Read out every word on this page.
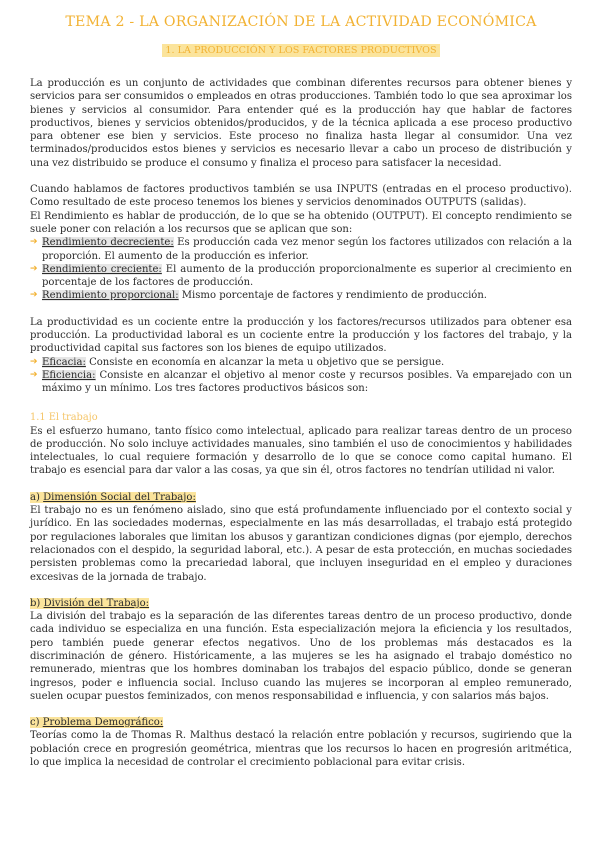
TEMA 2 - LA ORGANIZACIÓN DE LA ACTIVIDAD ECONÓMICA
1. LA PRODUCCIÓN Y LOS FACTORES PRODUCTIVOS

La producción es un conjunto de actividades que combinan diferentes recursos para obtener bienes y servicios para ser consumidos o empleados en otras producciones. También todo lo que sea aproximar los bienes y servicios al consumidor. Para entender qué es la producción hay que hablar de factores productivos, bienes y servicios obtenidos/producidos, y de la técnica aplicada a ese proceso productivo para obtener ese bien y servicios. Este proceso no finaliza hasta llegar al consumidor. Una vez terminados/producidos estos bienes y servicios es necesario llevar a cabo un proceso de distribución y una vez distribuido se produce el consumo y finaliza el proceso para satisfacer la necesidad.

Cuando hablamos de factores productivos también se usa INPUTS (entradas en el proceso productivo). Como resultado de este proceso tenemos los bienes y servicios denominados OUTPUTS (salidas).

El Rendimiento es hablar de producción, de lo que se ha obtenido (OUTPUT). El concepto rendimiento se suele poner con relación a los recursos que se aplican que son:

➔ Rendimiento decreciente: Es producción cada vez menor según los factores utilizados con relación a la proporción. El aumento de la producción es inferior.
➔ Rendimiento creciente: El aumento de la producción proporcionalmente es superior al crecimiento en porcentaje de los factores de producción.
➔ Rendimiento proporcional: Mismo porcentaje de factores y rendimiento de producción.

La productividad es un cociente entre la producción y los factores/recursos utilizados para obtener esa producción. La productividad laboral es un cociente entre la producción y los factores del trabajo, y la productividad capital sus factores son los bienes de equipo utilizados.

➔ Eficacia: Consiste en economía en alcanzar la meta u objetivo que se persigue.
➔ Eficiencia: Consiste en alcanzar el objetivo al menor coste y recursos posibles. Va emparejado con un máximo y un mínimo. Los tres factores productivos básicos son:
1.1 El trabajo

Es el esfuerzo humano, tanto físico como intelectual, aplicado para realizar tareas dentro de un proceso de producción. No solo incluye actividades manuales, sino también el uso de conocimientos y habilidades intelectuales, lo cual requiere formación y desarrollo de lo que se conoce como capital humano. El trabajo es esencial para dar valor a las cosas, ya que sin él, otros factores no tendrían utilidad ni valor.

a) Dimensión Social del Trabajo:

El trabajo no es un fenómeno aislado, sino que está profundamente influenciado por el contexto social y jurídico. En las sociedades modernas, especialmente en las más desarrolladas, el trabajo está protegido por regulaciones laborales que limitan los abusos y garantizan condiciones dignas (por ejemplo, derechos relacionados con el despido, la seguridad laboral, etc.). A pesar de esta protección, en muchas sociedades persisten problemas como la precariedad laboral, que incluyen inseguridad en el empleo y duraciones excesivas de la jornada de trabajo.

b) División del Trabajo:

La división del trabajo es la separación de las diferentes tareas dentro de un proceso productivo, donde cada individuo se especializa en una función. Esta especialización mejora la eficiencia y los resultados, pero también puede generar efectos negativos. Uno de los problemas más destacados es la discriminación de género. Históricamente, a las mujeres se les ha asignado el trabajo doméstico no remunerado, mientras que los hombres dominaban los trabajos del espacio público, donde se generan ingresos, poder e influencia social. Incluso cuando las mujeres se incorporan al empleo remunerado, suelen ocupar puestos feminizados, con menos responsabilidad e influencia, y con salarios más bajos.

c) Problema Demográfico:

Teorías como la de Thomas R. Malthus destacó la relación entre población y recursos, sugiriendo que la población crece en progresión geométrica, mientras que los recursos lo hacen en progresión aritmética, lo que implica la necesidad de controlar el crecimiento poblacional para evitar crisis.
